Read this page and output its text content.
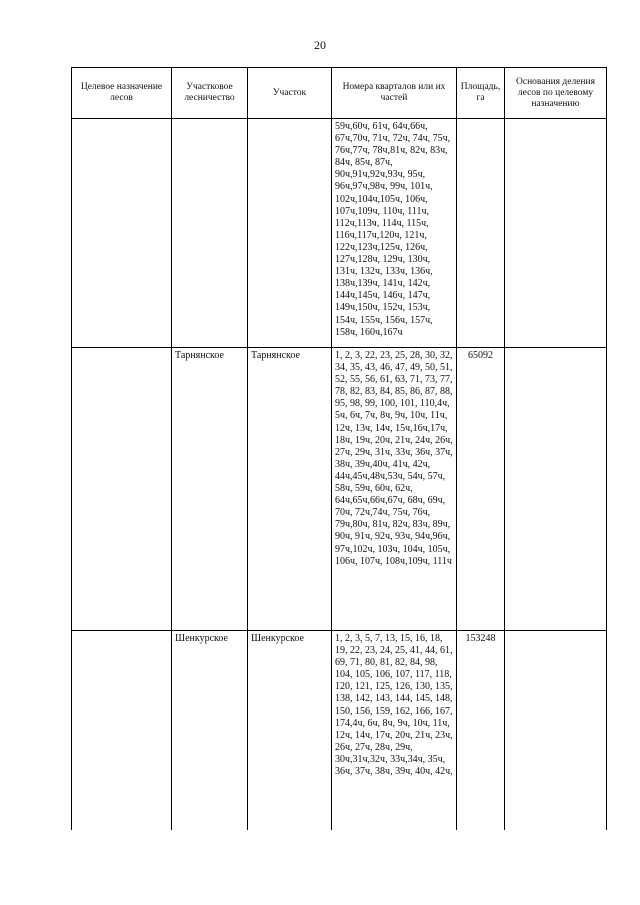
20
Целевое назначение лесов	Участковое лесничество	Участок	Номера кварталов или их частей	Площадь, га	Основания деления лесов по целевому назначению
			59ч,60ч, 61ч, 64ч,66ч, 67ч,70ч, 71ч, 72ч, 74ч, 75ч, 76ч,77ч, 78ч,81ч, 82ч, 83ч, 84ч, 85ч, 87ч, 90ч,91ч,92ч,93ч, 95ч, 96ч,97ч,98ч, 99ч, 101ч, 102ч,104ч,105ч, 106ч, 107ч,109ч, 110ч, 111ч, 112ч,113ч, 114ч, 115ч, 116ч,117ч,120ч, 121ч, 122ч,123ч,125ч, 126ч, 127ч,128ч, 129ч, 130ч, 131ч, 132ч, 133ч, 136ч, 138ч,139ч, 141ч, 142ч, 144ч,145ч, 146ч, 147ч, 149ч,150ч, 152ч, 153ч, 154ч, 155ч, 156ч, 157ч, 158ч, 160ч,167ч		
	Тарнянское	Тарнянское	1, 2, 3, 22, 23, 25, 28, 30, 32, 34, 35, 43, 46, 47, 49, 50, 51, 52, 55, 56, 61, 63, 71, 73, 77, 78, 82, 83, 84, 85, 86, 87, 88, 95, 98, 99, 100, 101, 110,4ч, 5ч, 6ч, 7ч, 8ч, 9ч, 10ч, 11ч, 12ч, 13ч, 14ч, 15ч,16ч,17ч, 18ч, 19ч, 20ч, 21ч, 24ч, 26ч, 27ч, 29ч, 31ч, 33ч, 36ч, 37ч, 38ч, 39ч,40ч, 41ч, 42ч, 44ч,45ч,48ч,53ч, 54ч, 57ч, 58ч, 59ч, 60ч, 62ч, 64ч,65ч,66ч,67ч, 68ч, 69ч, 70ч, 72ч,74ч, 75ч, 76ч, 79ч,80ч, 81ч, 82ч, 83ч, 89ч, 90ч, 91ч, 92ч, 93ч, 94ч,96ч, 97ч,102ч, 103ч, 104ч, 105ч, 106ч, 107ч, 108ч,109ч, 111ч	65092	
	Шенкурское	Шенкурское	1, 2, 3, 5, 7, 13, 15, 16, 18, 19, 22, 23, 24, 25, 41, 44, 61, 69, 71, 80, 81, 82, 84, 98, 104, 105, 106, 107, 117, 118, 120, 121, 125, 126, 130, 135, 138, 142, 143, 144, 145, 148, 150, 156, 159, 162, 166, 167, 174,4ч, 6ч, 8ч, 9ч, 10ч, 11ч, 12ч, 14ч, 17ч, 20ч, 21ч, 23ч, 26ч, 27ч, 28ч, 29ч, 30ч,31ч,32ч, 33ч,34ч, 35ч, 36ч, 37ч, 38ч, 39ч, 40ч, 42ч,	153248	
